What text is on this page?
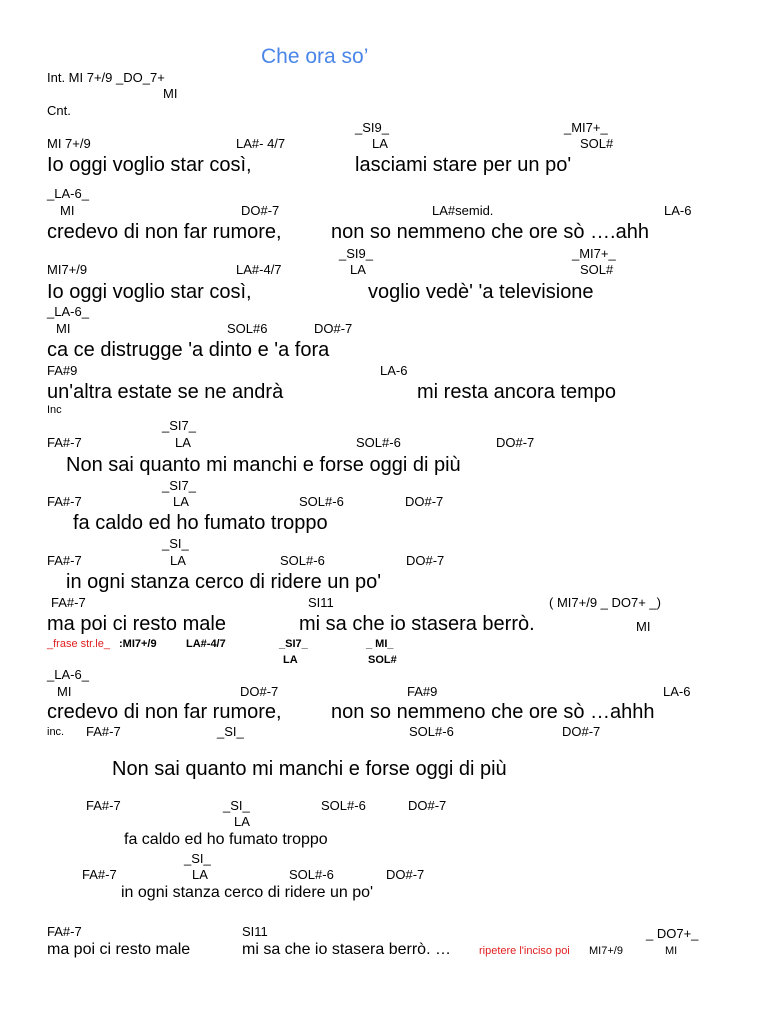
Che ora so’
Int. MI 7+/9 _DO_7+
MI
Cnt.
_SI9_	_MI7+_
MI 7+/9	LA#- 4/7	LA	SOL#
Io oggi voglio star così,	lasciami stare per un po'
_LA-6_
MI	DO#-7	LA#semid.	LA-6
credevo di non far rumore, non so nemmeno che ore sò ….ahh
_SI9_	_MI7+_
MI7+/9	LA#-4/7	LA	SOL#
Io oggi voglio star così,	voglio vedè' 'a televisione
_LA-6_
MI	SOL#6	DO#-7
ca ce distrugge 'a dinto e 'a fora
FA#9	LA-6
un'altra estate se ne andrà	mi resta ancora tempo
Inc
_SI7_
FA#-7	LA	SOL#-6	DO#-7
Non sai quanto mi manchi e forse oggi di più
_SI7_
FA#-7	LA	SOL#-6	DO#-7
fa caldo ed ho fumato troppo
_SI_
FA#-7	LA	SOL#-6	DO#-7
in ogni stanza cerco di ridere un po'
FA#-7	SI11	( MI7+/9 _ DO7+ _)
ma poi ci resto male	mi sa che io stasera berrò.	MI
_frase str.le_ :MI7+/9	LA#-4/7	_SI7_	_ MI_
LA	SOL#
_LA-6_
MI	DO#-7	FA#9	LA-6
credevo di non far rumore, non so nemmeno che ore sò …ahhh
inc. FA#-7	_SI_	SOL#-6	DO#-7
Non sai quanto mi manchi e forse oggi di più
FA#-7	_SI_	SOL#-6	DO#-7
LA
fa caldo ed ho fumato troppo
_SI_
FA#-7	LA	SOL#-6	DO#-7
in ogni stanza cerco di ridere un po'
FA#-7	SI11	_ DO7+_
ma poi ci resto male	mi sa che io stasera berrò. …	ripetere l'inciso poi MI7+/9	MI
